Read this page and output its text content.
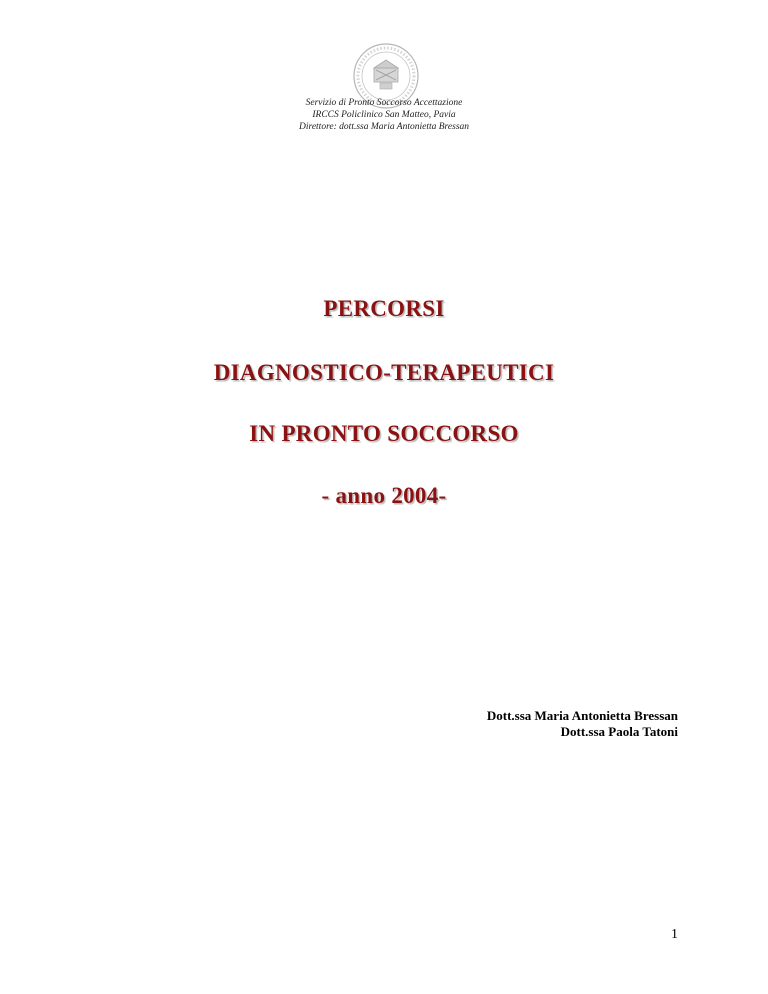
Servizio di Pronto Soccorso Accettazione
IRCCS Policlinico San Matteo, Pavia
Direttore: dott.ssa Maria Antonietta Bressan
PERCORSI
DIAGNOSTICO-TERAPEUTICI
IN PRONTO SOCCORSO
- anno 2004-
Dott.ssa Maria Antonietta Bressan
Dott.ssa Paola Tatoni
1
